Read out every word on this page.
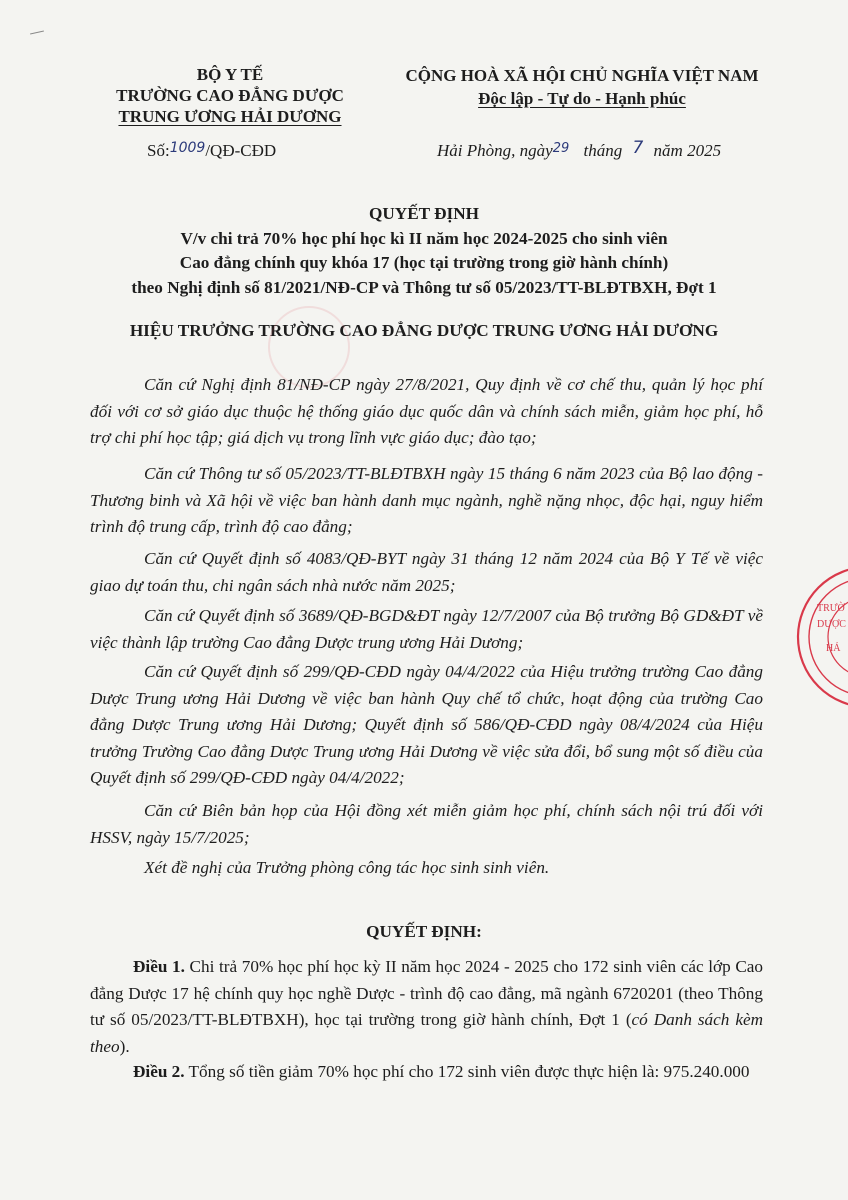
BỘ Y TẾ
TRƯỜNG CAO ĐẲNG DƯỢC
TRUNG ƯƠNG HẢI DƯƠNG
Số:$^{1009}$/QĐ-CĐD
CỘNG HOÀ XÃ HỘI CHỦ NGHĨA VIỆT NAM
Độc lập - Tự do - Hạnh phúc
Hải Phòng, ngày$^{29}$ tháng 7 năm 2025
QUYẾT ĐỊNH
V/v chi trả 70% học phí học kì II năm học 2024-2025 cho sinh viên
Cao đẳng chính quy khóa 17 (học tại trường trong giờ hành chính)
theo Nghị định số 81/2021/NĐ-CP và Thông tư số 05/2023/TT-BLĐTBXH, Đợt 1
HIỆU TRƯỞNG TRƯỜNG CAO ĐẲNG DƯỢC TRUNG ƯƠNG HẢI DƯƠNG
Căn cứ Nghị định 81/NĐ-CP ngày 27/8/2021, Quy định về cơ chế thu, quản lý học phí đối với cơ sở giáo dục thuộc hệ thống giáo dục quốc dân và chính sách miễn, giảm học phí, hỗ trợ chi phí học tập; giá dịch vụ trong lĩnh vực giáo dục; đào tạo;
Căn cứ Thông tư số 05/2023/TT-BLĐTBXH ngày 15 tháng 6 năm 2023 của Bộ lao động -Thương binh và Xã hội về việc ban hành danh mục ngành, nghề nặng nhọc, độc hại, nguy hiểm trình độ trung cấp, trình độ cao đẳng;
Căn cứ Quyết định số 4083/QĐ-BYT ngày 31 tháng 12 năm 2024 của Bộ Y Tế về việc giao dự toán thu, chi ngân sách nhà nước năm 2025;
Căn cứ Quyết định số 3689/QĐ-BGD&ĐT ngày 12/7/2007 của Bộ trưởng Bộ GD&ĐT về việc thành lập trường Cao đẳng Dược trung ương Hải Dương;
Căn cứ Quyết định số 299/QĐ-CĐD ngày 04/4/2022 của Hiệu trưởng trường Cao đẳng Dược Trung ương Hải Dương về việc ban hành Quy chế tổ chức, hoạt động của trường Cao đẳng Dược Trung ương Hải Dương; Quyết định số 586/QĐ-CĐD ngày 08/4/2024 của Hiệu trưởng Trường Cao đẳng Dược Trung ương Hải Dương về việc sửa đổi, bổ sung một số điều của Quyết định số 299/QĐ-CĐD ngày 04/4/2022;
Căn cứ Biên bản họp của Hội đồng xét miễn giảm học phí, chính sách nội trú đối với HSSV, ngày 15/7/2025;
Xét đề nghị của Trưởng phòng công tác học sinh sinh viên.
QUYẾT ĐỊNH:
Điều 1. Chi trả 70% học phí học kỳ II năm học 2024 - 2025 cho 172 sinh viên các lớp Cao đẳng Dược 17 hệ chính quy học nghề Dược - trình độ cao đẳng, mã ngành 6720201 (theo Thông tư số 05/2023/TT-BLĐTBXH), học tại trường trong giờ hành chính, Đợt 1 (có Danh sách kèm theo).
Điều 2. Tổng số tiền giảm 70% học phí cho 172 sinh viên được thực hiện là: 975.240.000
TRƯỜ
DƯỢC
HẢ
